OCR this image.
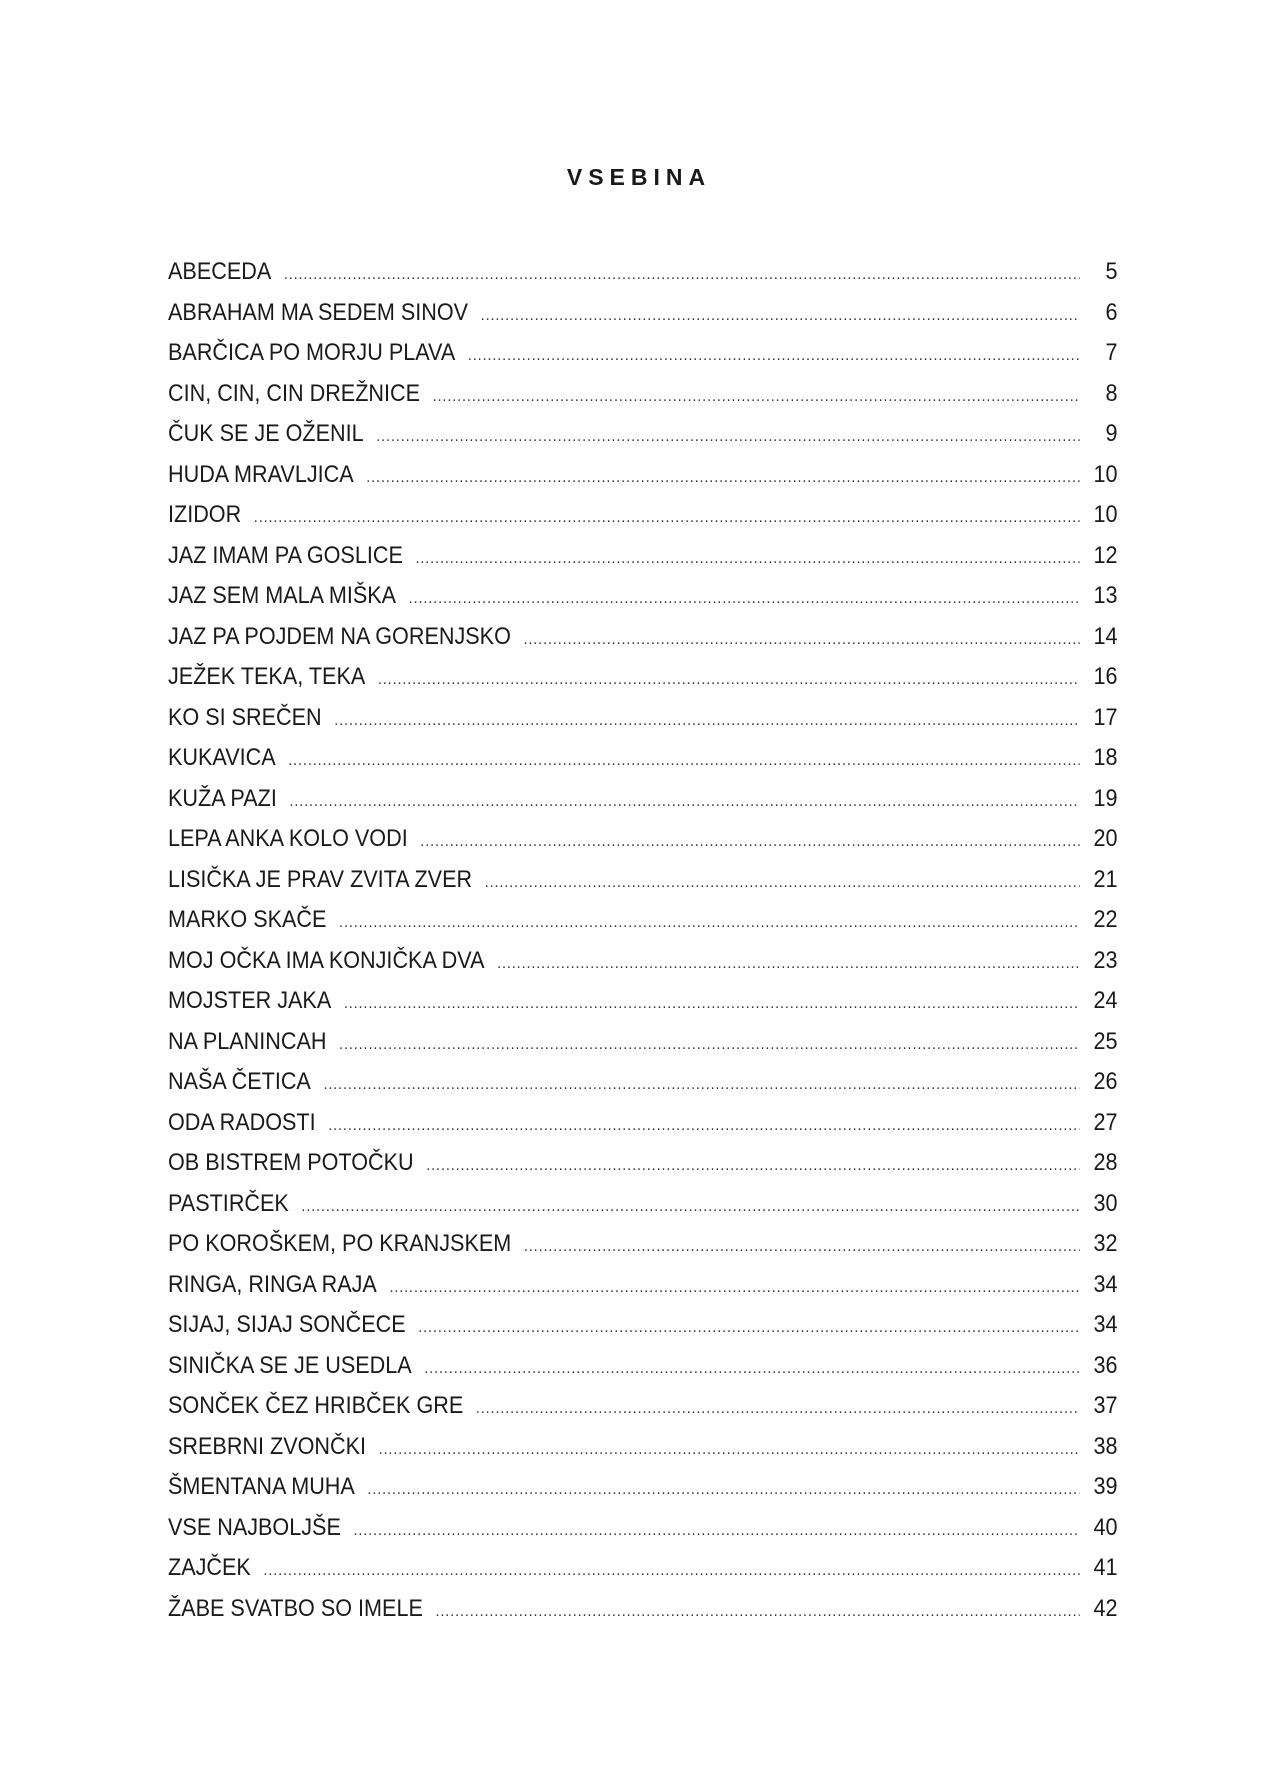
VSEBINA
ABECEDA .....	5
ABRAHAM MA SEDEM SINOV .....	6
BARČICA PO MORJU PLAVA .....	7
CIN, CIN, CIN DREŽNICE .....	8
ČUK SE JE OŽENIL .....	9
HUDA MRAVLJICA .....	10
IZIDOR .....	10
JAZ IMAM PA GOSLICE .....	12
JAZ SEM MALA MIŠKA .....	13
JAZ PA POJDEM NA GORENJSKO .....	14
JEŽEK TEKA, TEKA .....	16
KO SI SREČEN .....	17
KUKAVICA .....	18
KUŽA PAZI .....	19
LEPA ANKA KOLO VODI .....	20
LISIČKA JE PRAV ZVITA ZVER .....	21
MARKO SKAČE .....	22
MOJ OČKA IMA KONJIČKA DVA .....	23
MOJSTER JAKA .....	24
NA PLANINCAH .....	25
NAŠA ČETICA .....	26
ODA RADOSTI .....	27
OB BISTREM POTOČKU .....	28
PASTIRČEK .....	30
PO KOROŠKEM, PO KRANJSKEM .....	32
RINGA, RINGA RAJA .....	34
SIJAJ, SIJAJ SONČECE .....	34
SINIČKA SE JE USEDLA .....	36
SONČEK ČEZ HRIBČEK GRE .....	37
SREBRNI ZVONČKI .....	38
ŠMENTANA MUHA .....	39
VSE NAJBOLJŠE .....	40
ZAJČEK .....	41
ŽABE SVATBO SO IMELE .....	42
